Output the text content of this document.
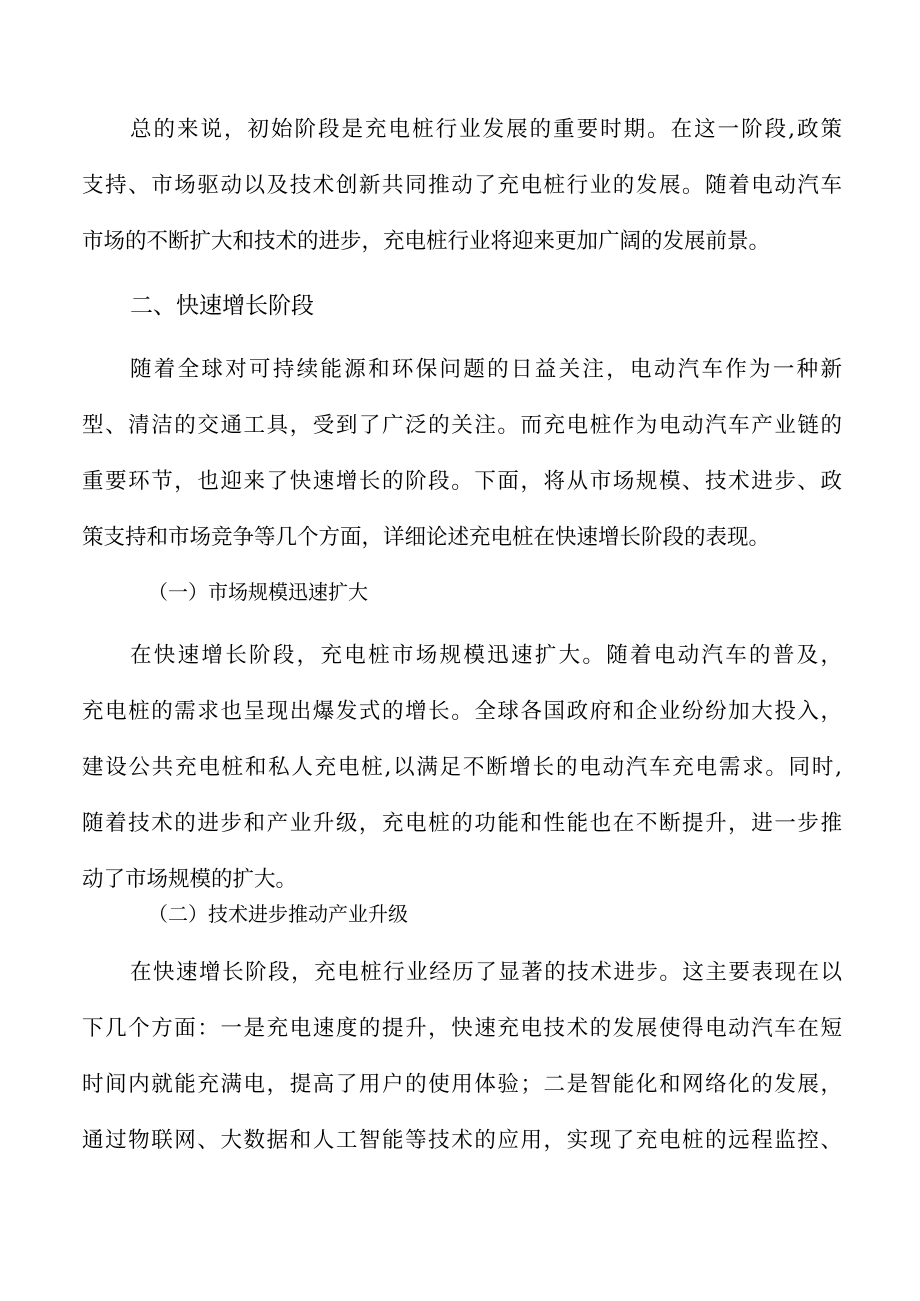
总的来说，初始阶段是充电桩行业发展的重要时期。在这一阶段,政策
支持、市场驱动以及技术创新共同推动了充电桩行业的发展。随着电动汽车
市场的不断扩大和技术的进步，充电桩行业将迎来更加广阔的发展前景。
二、快速增长阶段
随着全球对可持续能源和环保问题的日益关注，电动汽车作为一种新
型、清洁的交通工具，受到了广泛的关注。而充电桩作为电动汽车产业链的
重要环节，也迎来了快速增长的阶段。下面，将从市场规模、技术进步、政
策支持和市场竞争等几个方面，详细论述充电桩在快速增长阶段的表现。
（一）市场规模迅速扩大
在快速增长阶段，充电桩市场规模迅速扩大。随着电动汽车的普及，
充电桩的需求也呈现出爆发式的增长。全球各国政府和企业纷纷加大投入，
建设公共充电桩和私人充电桩,以满足不断增长的电动汽车充电需求。同时,
随着技术的进步和产业升级，充电桩的功能和性能也在不断提升，进一步推
动了市场规模的扩大。
（二）技术进步推动产业升级
在快速增长阶段，充电桩行业经历了显著的技术进步。这主要表现在以
下几个方面：一是充电速度的提升，快速充电技术的发展使得电动汽车在短
时间内就能充满电，提高了用户的使用体验；二是智能化和网络化的发展，
通过物联网、大数据和人工智能等技术的应用，实现了充电桩的远程监控、
